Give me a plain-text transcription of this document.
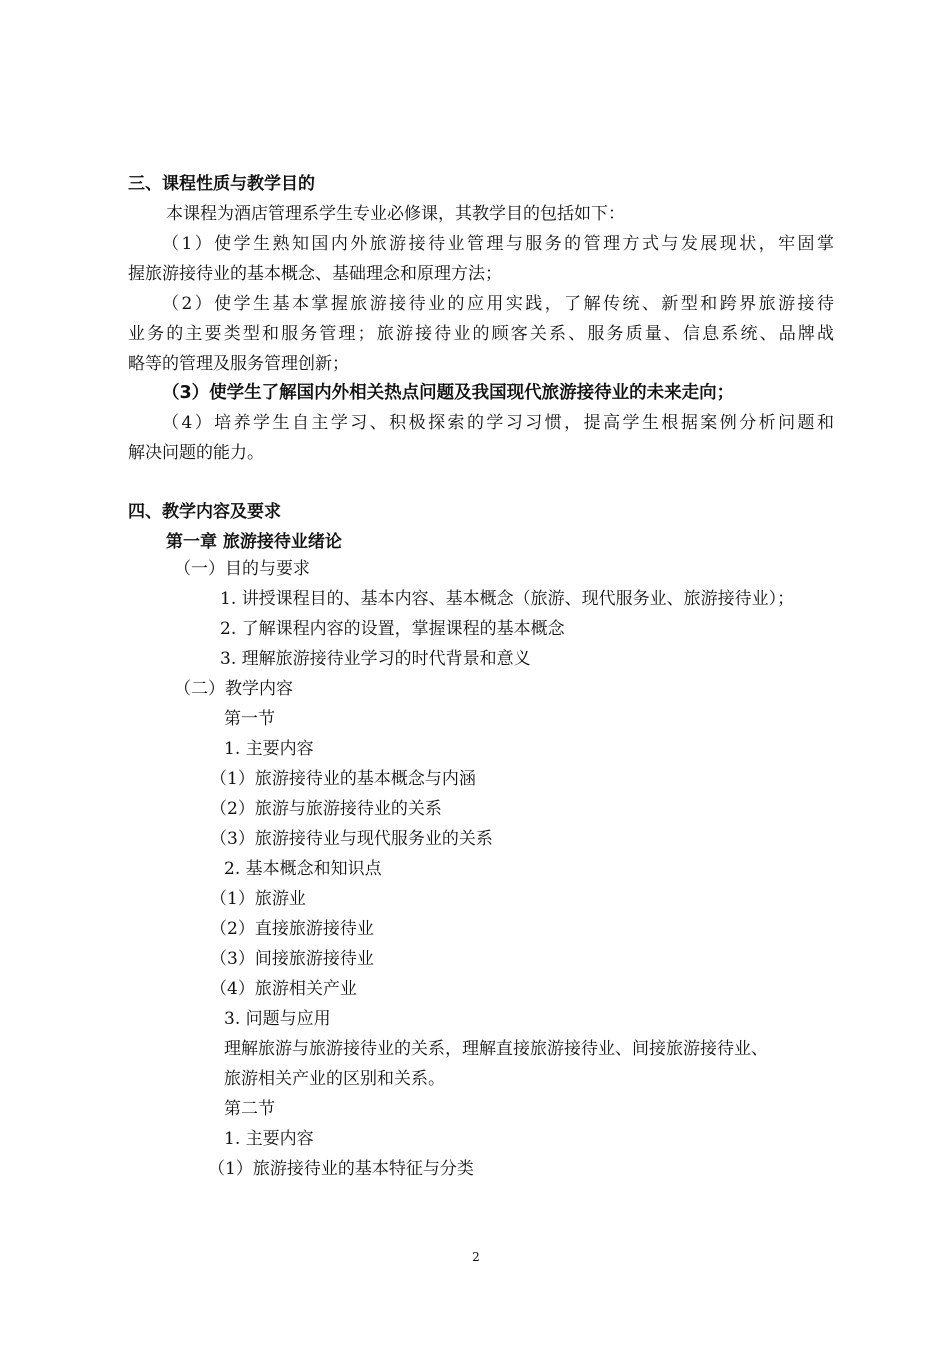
三、课程性质与教学目的
本课程为酒店管理系学生专业必修课，其教学目的包括如下：
（1）使学生熟知国内外旅游接待业管理与服务的管理方式与发展现状，牢固掌
握旅游接待业的基本概念、基础理念和原理方法；
（2）使学生基本掌握旅游接待业的应用实践，了解传统、新型和跨界旅游接待
业务的主要类型和服务管理；旅游接待业的顾客关系、服务质量、信息系统、品牌战
略等的管理及服务管理创新；
（3）使学生了解国内外相关热点问题及我国现代旅游接待业的未来走向；
（4）培养学生自主学习、积极探索的学习习惯，提高学生根据案例分析问题和
解决问题的能力。
四、教学内容及要求
第一章 旅游接待业绪论
（一）目的与要求
1. 讲授课程目的、基本内容、基本概念（旅游、现代服务业、旅游接待业）；
2. 了解课程内容的设置，掌握课程的基本概念
3. 理解旅游接待业学习的时代背景和意义
（二）教学内容
第一节
1. 主要内容
（1）旅游接待业的基本概念与内涵
（2）旅游与旅游接待业的关系
（3）旅游接待业与现代服务业的关系
2. 基本概念和知识点
（1）旅游业
（2）直接旅游接待业
（3）间接旅游接待业
（4）旅游相关产业
3. 问题与应用
理解旅游与旅游接待业的关系，理解直接旅游接待业、间接旅游接待业、
旅游相关产业的区别和关系。
第二节
1. 主要内容
（1）旅游接待业的基本特征与分类
2
